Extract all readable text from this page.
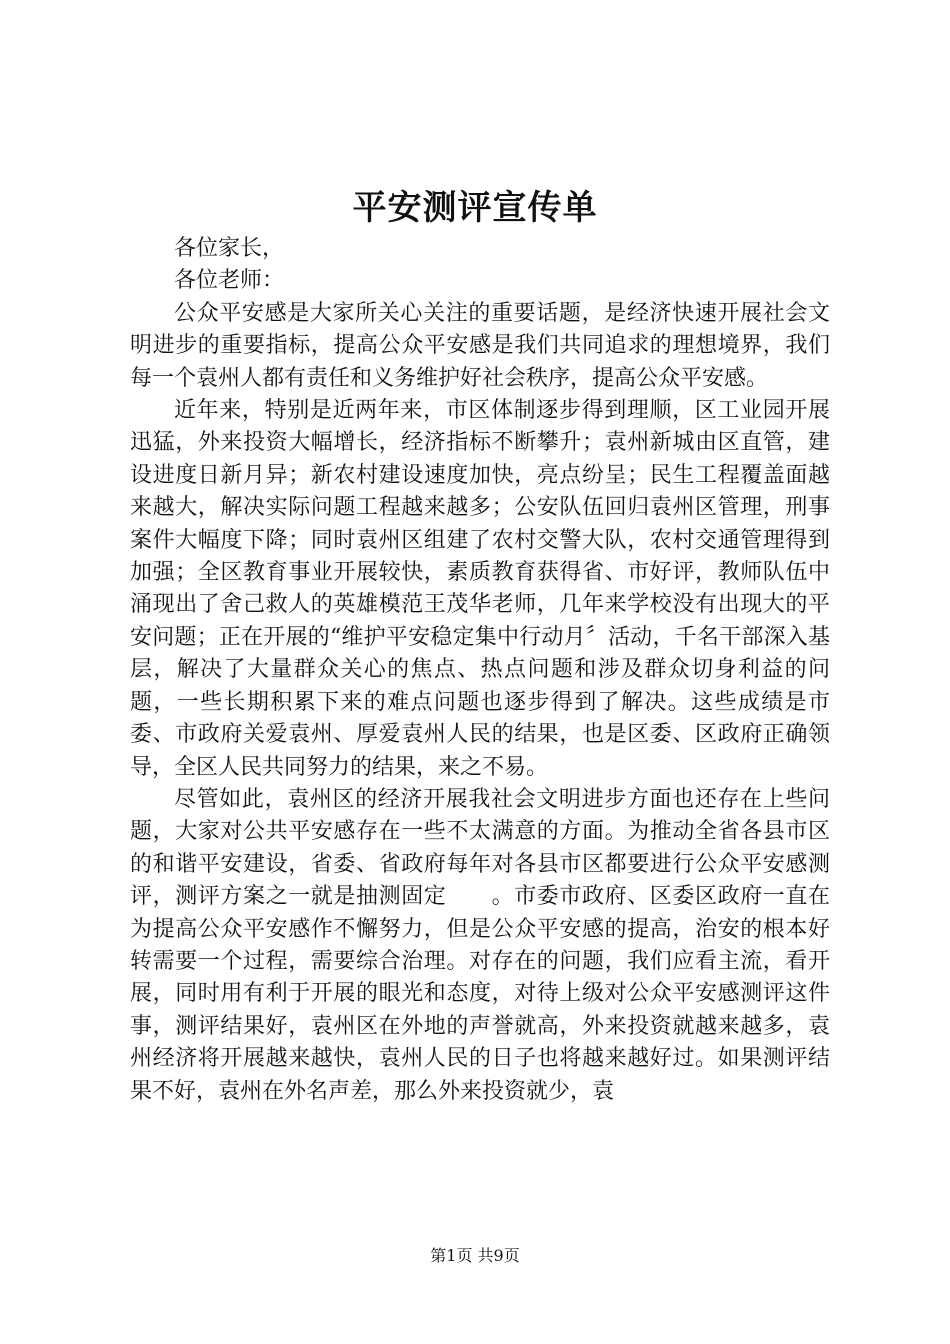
平安测评宣传单

各位家长，

各位老师：

公众平安感是大家所关心关注的重要话题，是经济快速开展社会文明进步的重要指标，提高公众平安感是我们共同追求的理想境界，我们每一个袁州人都有责任和义务维护好社会秩序，提高公众平安感。

近年来，特别是近两年来，市区体制逐步得到理顺，区工业园开展迅猛，外来投资大幅增长，经济指标不断攀升；袁州新城由区直管，建设进度日新月异；新农村建设速度加快，亮点纷呈；民生工程覆盖面越来越大，解决实际问题工程越来越多；公安队伍回归袁州区管理，刑事案件大幅度下降；同时袁州区组建了农村交警大队，农村交通管理得到加强；全区教育事业开展较快，素质教育获得省、市好评，教师队伍中涌现出了舍己救人的英雄模范王茂华老师，几年来学校没有出现大的平安问题；正在开展的“维护平安稳定集中行动月〞活动，千名干部深入基层，解决了大量群众关心的焦点、热点问题和涉及群众切身利益的问题，一些长期积累下来的难点问题也逐步得到了解决。这些成绩是市委、市政府关爱袁州、厚爱袁州人民的结果，也是区委、区政府正确领导，全区人民共同努力的结果，来之不易。

尽管如此，袁州区的经济开展我社会文明进步方面也还存在上些问题，大家对公共平安感存在一些不太满意的方面。为推动全省各县市区的和谐平安建设，省委、省政府每年对各县市区都要进行公众平安感测评，测评方案之一就是抽测固定　　。市委市政府、区委区政府一直在为提高公众平安感作不懈努力，但是公众平安感的提高，治安的根本好转需要一个过程，需要综合治理。对存在的问题，我们应看主流，看开展，同时用有利于开展的眼光和态度，对待上级对公众平安感测评这件事，测评结果好，袁州区在外地的声誉就高，外来投资就越来越多，袁州经济将开展越来越快，袁州人民的日子也将越来越好过。如果测评结果不好，袁州在外名声差，那么外来投资就少，袁

第1页 共9页
